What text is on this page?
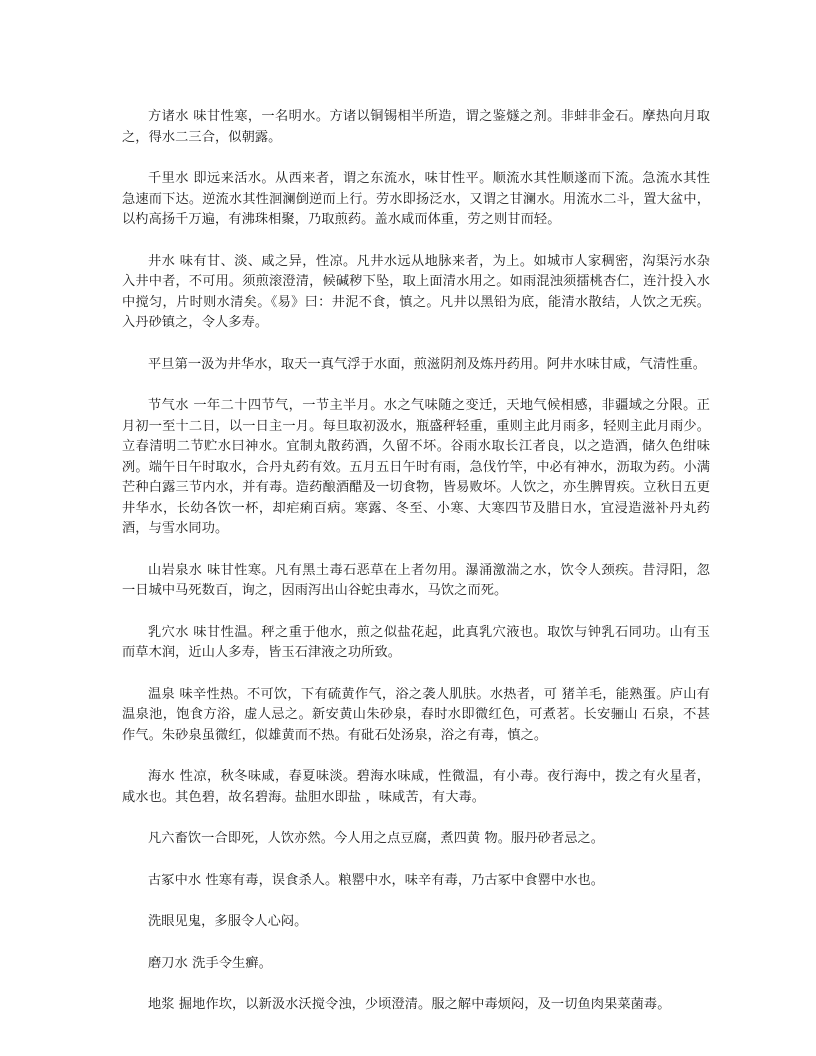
方诸水 味甘性寒，一名明水。方诸以铜锡相半所造，谓之鉴燧之剂。非蚌非金石。摩热向月取之，得水二三合，似朝露。

千里水 即远来活水。从西来者，谓之东流水，味甘性平。顺流水其性顺遂而下流。急流水其性急速而下达。逆流水其性洄澜倒逆而上行。劳水即扬泛水，又谓之甘澜水。用流水二斗，置大盆中，以杓高扬千万遍，有沸珠相聚，乃取煎药。盖水咸而体重，劳之则甘而轻。

井水 味有甘、淡、咸之异，性凉。凡井水远从地脉来者，为上。如城市人家稠密，沟渠污水杂入井中者，不可用。须煎滚澄清，候碱秽下坠，取上面清水用之。如雨混浊须擂桃杏仁，连汁投入水中搅匀，片时则水清矣。《易》曰：井泥不食，慎之。凡井以黑铅为底，能清水散结，人饮之无疾。入丹砂镇之，令人多寿。

平旦第一汲为井华水，取天一真气浮于水面，煎滋阴剂及炼丹药用。阿井水味甘咸，气清性重。

节气水 一年二十四节气，一节主半月。水之气味随之变迁，天地气候相感，非疆域之分限。正月初一至十二日，以一日主一月。每旦取初汲水，瓶盛秤轻重，重则主此月雨多，轻则主此月雨少。立春清明二节贮水曰神水。宜制丸散药酒，久留不坏。谷雨水取长江者良，以之造酒，储久色绀味冽。端午日午时取水，合丹丸药有效。五月五日午时有雨，急伐竹竿，中必有神水，沥取为药。小满芒种白露三节内水，并有毒。造药酿酒醋及一切食物，皆易败坏。人饮之，亦生脾胃疾。立秋日五更井华水，长幼各饮一杯，却疟痢百病。寒露、冬至、小寒、大寒四节及腊日水，宜浸造滋补丹丸药酒，与雪水同功。

山岩泉水 味甘性寒。凡有黑土毒石恶草在上者勿用。瀑涌激湍之水，饮令人颈疾。昔浔阳，忽一日城中马死数百，询之，因雨泻出山谷蛇虫毒水，马饮之而死。

乳穴水 味甘性温。秤之重于他水，煎之似盐花起，此真乳穴液也。取饮与钟乳石同功。山有玉而草木润，近山人多寿，皆玉石津液之功所致。

温泉 味辛性热。不可饮，下有硫黄作气，浴之袭人肌肤。水热者，可 猪羊毛，能熟蛋。庐山有温泉池，饱食方浴，虚人忌之。新安黄山朱砂泉，春时水即微红色，可煮茗。长安骊山 石泉，不甚作气。朱砂泉虽微红，似雄黄而不热。有砒石处汤泉，浴之有毒，慎之。

海水 性凉，秋冬味咸，春夏味淡。碧海水味咸，性微温，有小毒。夜行海中，拨之有火星者，咸水也。其色碧，故名碧海。盐胆水即盐 ，味咸苦，有大毒。

凡六畜饮一合即死，人饮亦然。今人用之点豆腐，煮四黄 物。服丹砂者忌之。

古冢中水 性寒有毒，误食杀人。粮罂中水，味辛有毒，乃古冢中食罂中水也。

洗眼见鬼，多服令人心闷。

磨刀水 洗手令生癣。

地浆 掘地作坎，以新汲水沃搅令浊，少顷澄清。服之解中毒烦闷，及一切鱼肉果菜菌毒。
